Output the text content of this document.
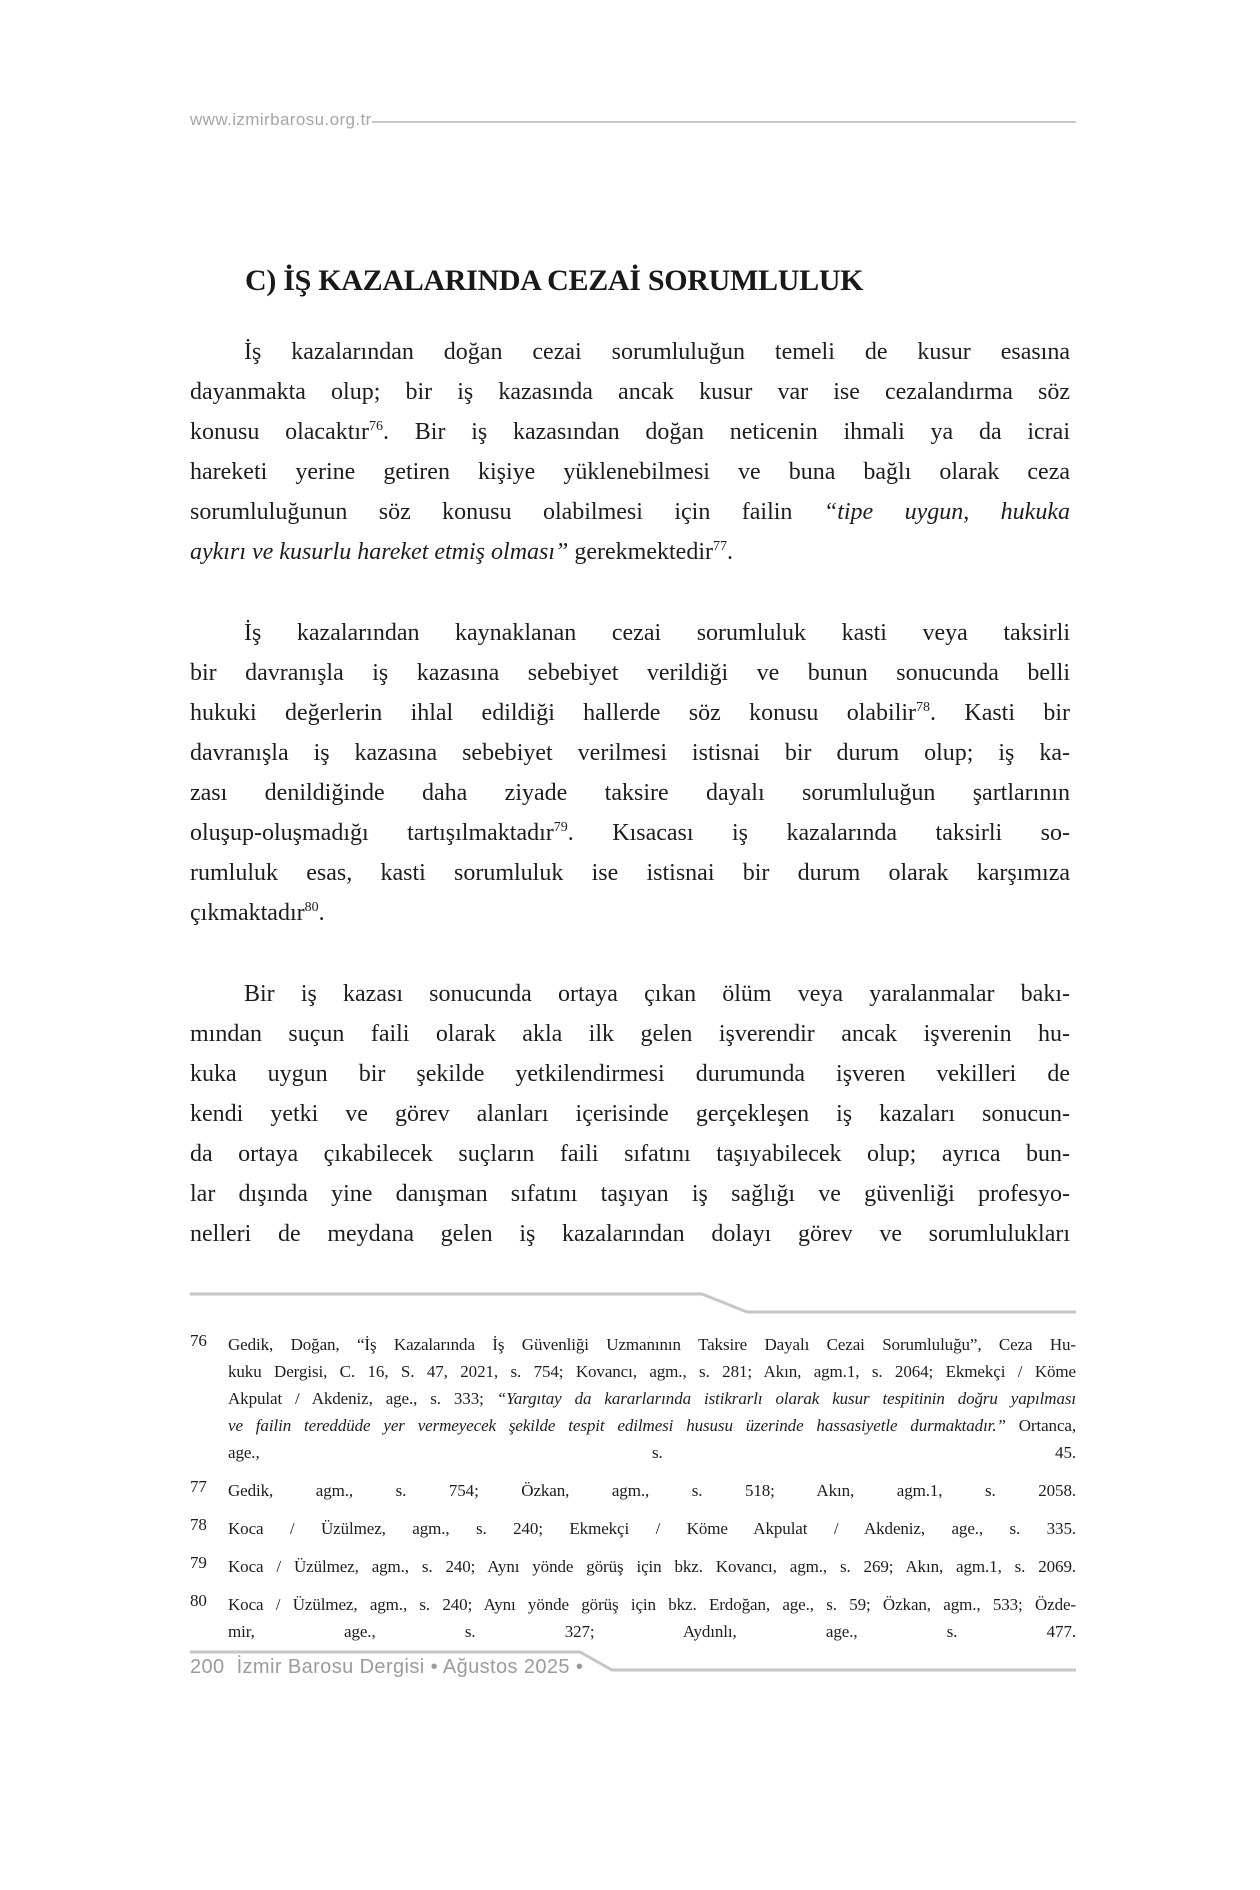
www.izmirbarosu.org.tr
C) İŞ KAZALARINDA CEZAİ SORUMLULUK
İş kazalarından doğan cezai sorumluluğun temeli de kusur esasına
dayanmakta olup; bir iş kazasında ancak kusur var ise cezalandırma söz
konusu olacaktır$^{76}$. Bir iş kazasından doğan neticenin ihmali ya da icrai
hareketi yerine getiren kişiye yüklenebilmesi ve buna bağlı olarak ceza
sorumluluğunun söz konusu olabilmesi için failin “tipe uygun, hukuka
aykırı ve kusurlu hareket etmiş olması” gerekmektedir$^{77}$.
İş kazalarından kaynaklanan cezai sorumluluk kasti veya taksirli
bir davranışla iş kazasına sebebiyet verildiği ve bunun sonucunda belli
hukuki değerlerin ihlal edildiği hallerde söz konusu olabilir$^{78}$. Kasti bir
davranışla iş kazasına sebebiyet verilmesi istisnai bir durum olup; iş ka-
zası denildiğinde daha ziyade taksire dayalı sorumluluğun şartlarının
oluşup-oluşmadığı tartışılmaktadır$^{79}$. Kısacası iş kazalarında taksirli so-
rumluluk esas, kasti sorumluluk ise istisnai bir durum olarak karşımıza
çıkmaktadır$^{80}$.
Bir iş kazası sonucunda ortaya çıkan ölüm veya yaralanmalar bakı-
mından suçun faili olarak akla ilk gelen işverendir ancak işverenin hu-
kuka uygun bir şekilde yetkilendirmesi durumunda işveren vekilleri de
kendi yetki ve görev alanları içerisinde gerçekleşen iş kazaları sonucun-
da ortaya çıkabilecek suçların faili sıfatını taşıyabilecek olup; ayrıca bun-
lar dışında yine danışman sıfatını taşıyan iş sağlığı ve güvenliği profesyo-
nelleri de meydana gelen iş kazalarından dolayı görev ve sorumlulukları
76 Gedik, Doğan, “İş Kazalarında İş Güvenliği Uzmanının Taksire Dayalı Cezai Sorumluluğu”, Ceza Hu-
kuku Dergisi, C. 16, S. 47, 2021, s. 754; Kovancı, agm., s. 281; Akın, agm.1, s. 2064; Ekmekçi / Köme
Akpulat / Akdeniz, age., s. 333; “Yargıtay da kararlarında istikrarlı olarak kusur tespitinin doğru yapılması
ve failin tereddüde yer vermeyecek şekilde tespit edilmesi hususu üzerinde hassasiyetle durmaktadır.” Ortanca,
age., s. 45.
77 Gedik, agm., s. 754; Özkan, agm., s. 518; Akın, agm.1, s. 2058.
78 Koca / Üzülmez, agm., s. 240; Ekmekçi / Köme Akpulat / Akdeniz, age., s. 335.
79 Koca / Üzülmez, agm., s. 240; Aynı yönde görüş için bkz. Kovancı, agm., s. 269; Akın, agm.1, s. 2069.
80 Koca / Üzülmez, agm., s. 240; Aynı yönde görüş için bkz. Erdoğan, age., s. 59; Özkan, agm., 533; Özde-
mir, age., s. 327; Aydınlı, age., s. 477.
200 İzmir Barosu Dergisi • Ağustos 2025 •
